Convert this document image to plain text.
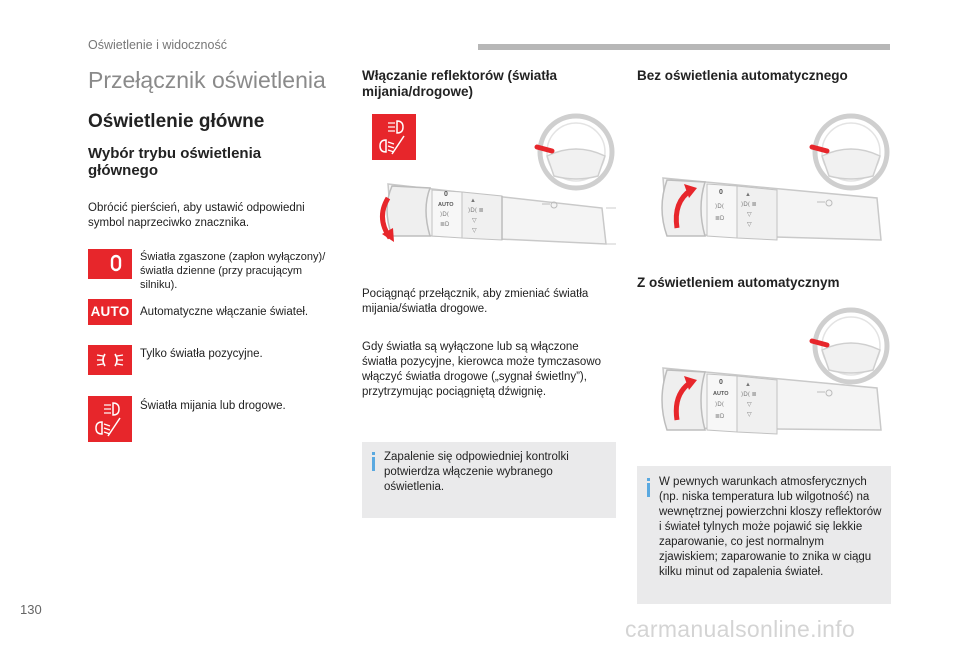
Oświetlenie i widoczność
Przełącznik oświetlenia
Oświetlenie główne
Wybór trybu oświetlenia głównego
Obrócić pierścień, aby ustawić odpowiedni symbol naprzeciwko znacznika.
Światła zgaszone (zapłon wyłączony)/ światła dzienne (przy pracującym silniku).
AUTO Automatyczne włączanie świateł.
Tylko światła pozycyjne.
Światła mijania lub drogowe.
Włączanie reflektorów (światła mijania/drogowe)
0
AUTO
⟩D⟨
≣D
▲
⟩D⟨ ≣
▽
▽
Pociągnąć przełącznik, aby zmieniać światła mijania/światła drogowe.
Gdy światła są wyłączone lub są włączone światła pozycyjne, kierowca może tymczasowo włączyć światła drogowe („sygnał świetlny”), przytrzymując pociągniętą dźwignię.
Zapalenie się odpowiedniej kontrolki potwierdza włączenie wybranego oświetlenia.
Bez oświetlenia automatycznego
0
⟩D⟨
≣D
▲
⟩D⟨ ≣
▽
▽
Z oświetleniem automatycznym
0
AUTO
⟩D⟨
≣D
▲
⟩D⟨ ≣
▽
▽
W pewnych warunkach atmosferycznych (np. niska temperatura lub wilgotność) na wewnętrznej powierzchni kloszy reflektorów i świateł tylnych może pojawić się lekkie zaparowanie, co jest normalnym zjawiskiem; zaparowanie to znika w ciągu kilku minut od zapalenia świateł.
130
carmanualsonline.info
